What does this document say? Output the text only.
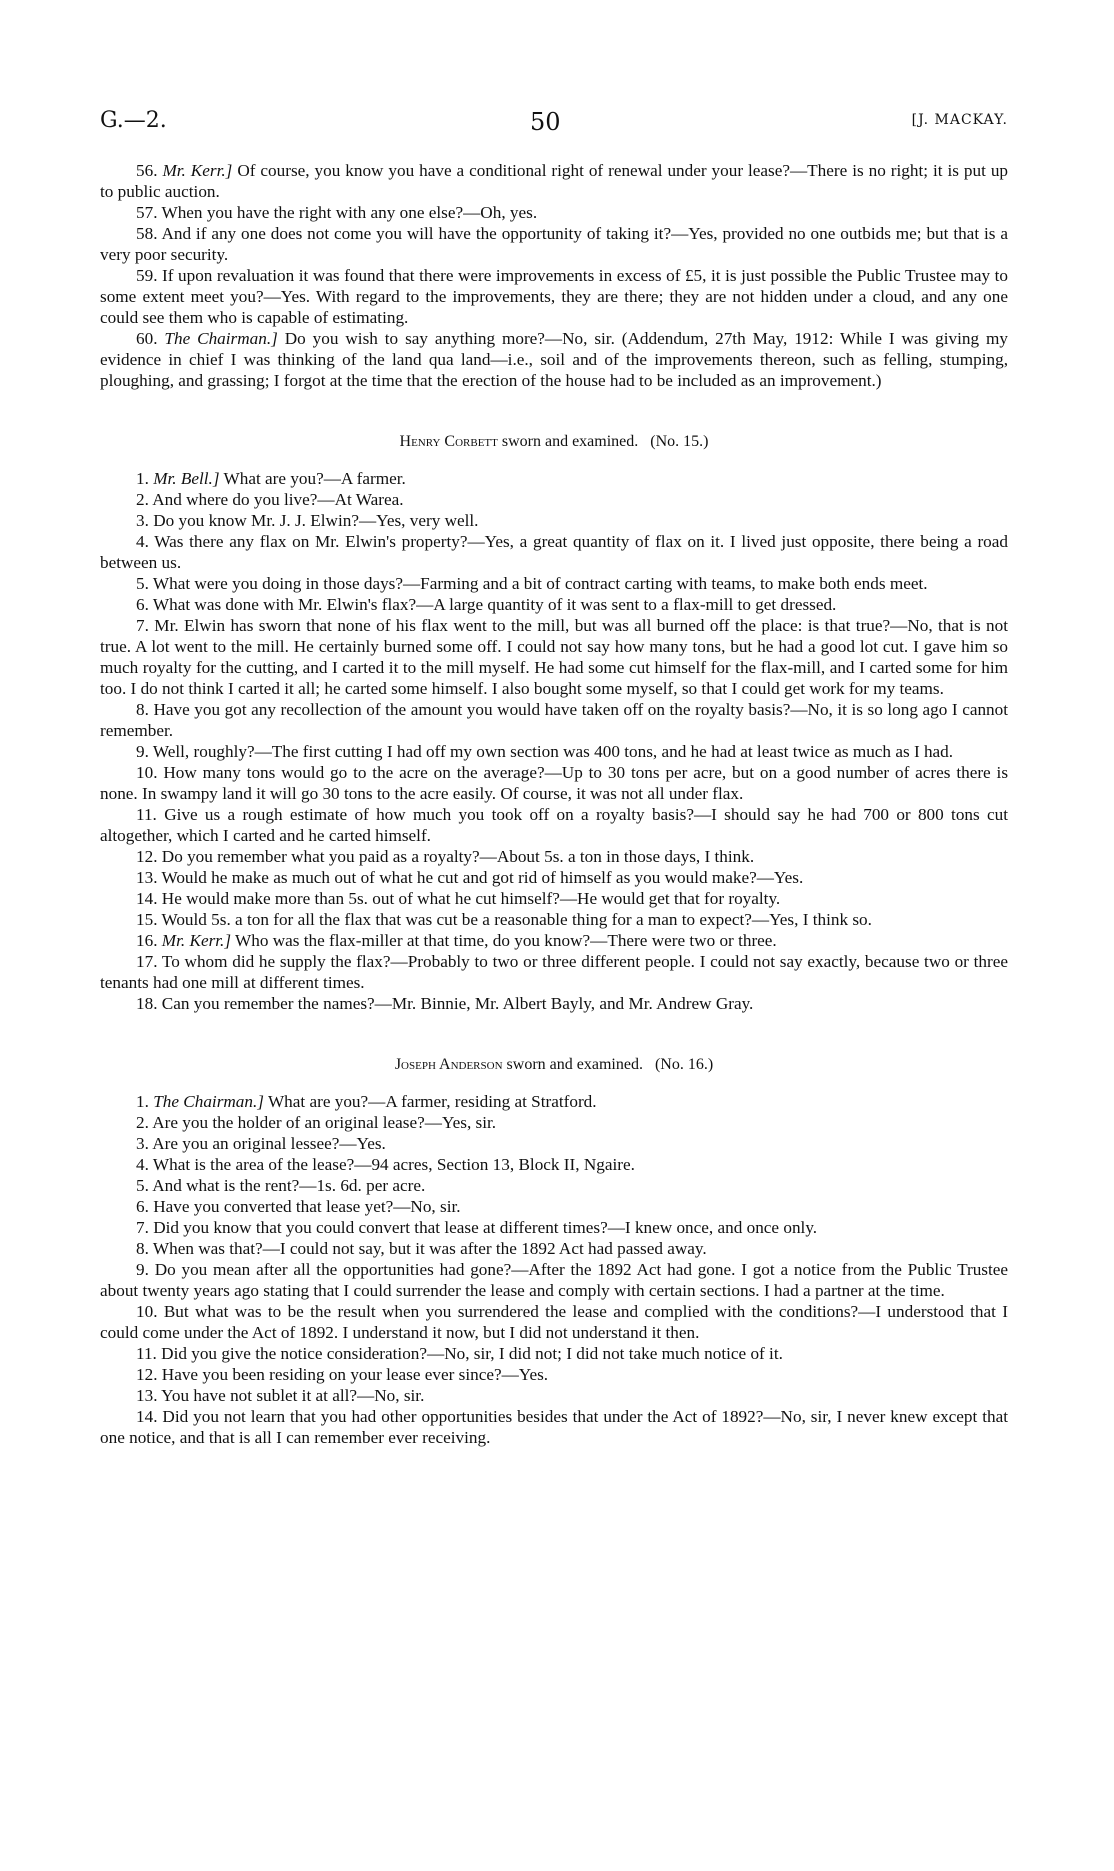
G.—2.	50	[J. MACKAY.

56. Mr. Kerr.] Of course, you know you have a conditional right of renewal under your lease?—There is no right; it is put up to public auction.

57. When you have the right with any one else?—Oh, yes.

58. And if any one does not come you will have the opportunity of taking it?—Yes, provided no one outbids me; but that is a very poor security.

59. If upon revaluation it was found that there were improvements in excess of £5, it is just possible the Public Trustee may to some extent meet you?—Yes. With regard to the improvements, they are there; they are not hidden under a cloud, and any one could see them who is capable of estimating.

60. The Chairman.] Do you wish to say anything more?—No, sir. (Addendum, 27th May, 1912: While I was giving my evidence in chief I was thinking of the land qua land—i.e., soil and of the improvements thereon, such as felling, stumping, ploughing, and grassing; I forgot at the time that the erection of the house had to be included as an improvement.)

Henry Corbett sworn and examined. (No. 15.)

1. Mr. Bell.] What are you?—A farmer.

2. And where do you live?—At Warea.

3. Do you know Mr. J. J. Elwin?—Yes, very well.

4. Was there any flax on Mr. Elwin's property?—Yes, a great quantity of flax on it. I lived just opposite, there being a road between us.

5. What were you doing in those days?—Farming and a bit of contract carting with teams, to make both ends meet.

6. What was done with Mr. Elwin's flax?—A large quantity of it was sent to a flax-mill to get dressed.

7. Mr. Elwin has sworn that none of his flax went to the mill, but was all burned off the place: is that true?—No, that is not true. A lot went to the mill. He certainly burned some off. I could not say how many tons, but he had a good lot cut. I gave him so much royalty for the cutting, and I carted it to the mill myself. He had some cut himself for the flax-mill, and I carted some for him too. I do not think I carted it all; he carted some himself. I also bought some myself, so that I could get work for my teams.

8. Have you got any recollection of the amount you would have taken off on the royalty basis?—No, it is so long ago I cannot remember.

9. Well, roughly?—The first cutting I had off my own section was 400 tons, and he had at least twice as much as I had.

10. How many tons would go to the acre on the average?—Up to 30 tons per acre, but on a good number of acres there is none. In swampy land it will go 30 tons to the acre easily. Of course, it was not all under flax.

11. Give us a rough estimate of how much you took off on a royalty basis?—I should say he had 700 or 800 tons cut altogether, which I carted and he carted himself.

12. Do you remember what you paid as a royalty?—About 5s. a ton in those days, I think.

13. Would he make as much out of what he cut and got rid of himself as you would make?—Yes.

14. He would make more than 5s. out of what he cut himself?—He would get that for royalty.

15. Would 5s. a ton for all the flax that was cut be a reasonable thing for a man to expect?—Yes, I think so.

16. Mr. Kerr.] Who was the flax-miller at that time, do you know?—There were two or three.

17. To whom did he supply the flax?—Probably to two or three different people. I could not say exactly, because two or three tenants had one mill at different times.

18. Can you remember the names?—Mr. Binnie, Mr. Albert Bayly, and Mr. Andrew Gray.

Joseph Anderson sworn and examined. (No. 16.)

1. The Chairman.] What are you?—A farmer, residing at Stratford.

2. Are you the holder of an original lease?—Yes, sir.

3. Are you an original lessee?—Yes.

4. What is the area of the lease?—94 acres, Section 13, Block II, Ngaire.

5. And what is the rent?—1s. 6d. per acre.

6. Have you converted that lease yet?—No, sir.

7. Did you know that you could convert that lease at different times?—I knew once, and once only.

8. When was that?—I could not say, but it was after the 1892 Act had passed away.

9. Do you mean after all the opportunities had gone?—After the 1892 Act had gone. I got a notice from the Public Trustee about twenty years ago stating that I could surrender the lease and comply with certain sections. I had a partner at the time.

10. But what was to be the result when you surrendered the lease and complied with the conditions?—I understood that I could come under the Act of 1892. I understand it now, but I did not understand it then.

11. Did you give the notice consideration?—No, sir, I did not; I did not take much notice of it.

12. Have you been residing on your lease ever since?—Yes.

13. You have not sublet it at all?—No, sir.

14. Did you not learn that you had other opportunities besides that under the Act of 1892?—No, sir, I never knew except that one notice, and that is all I can remember ever receiving.
